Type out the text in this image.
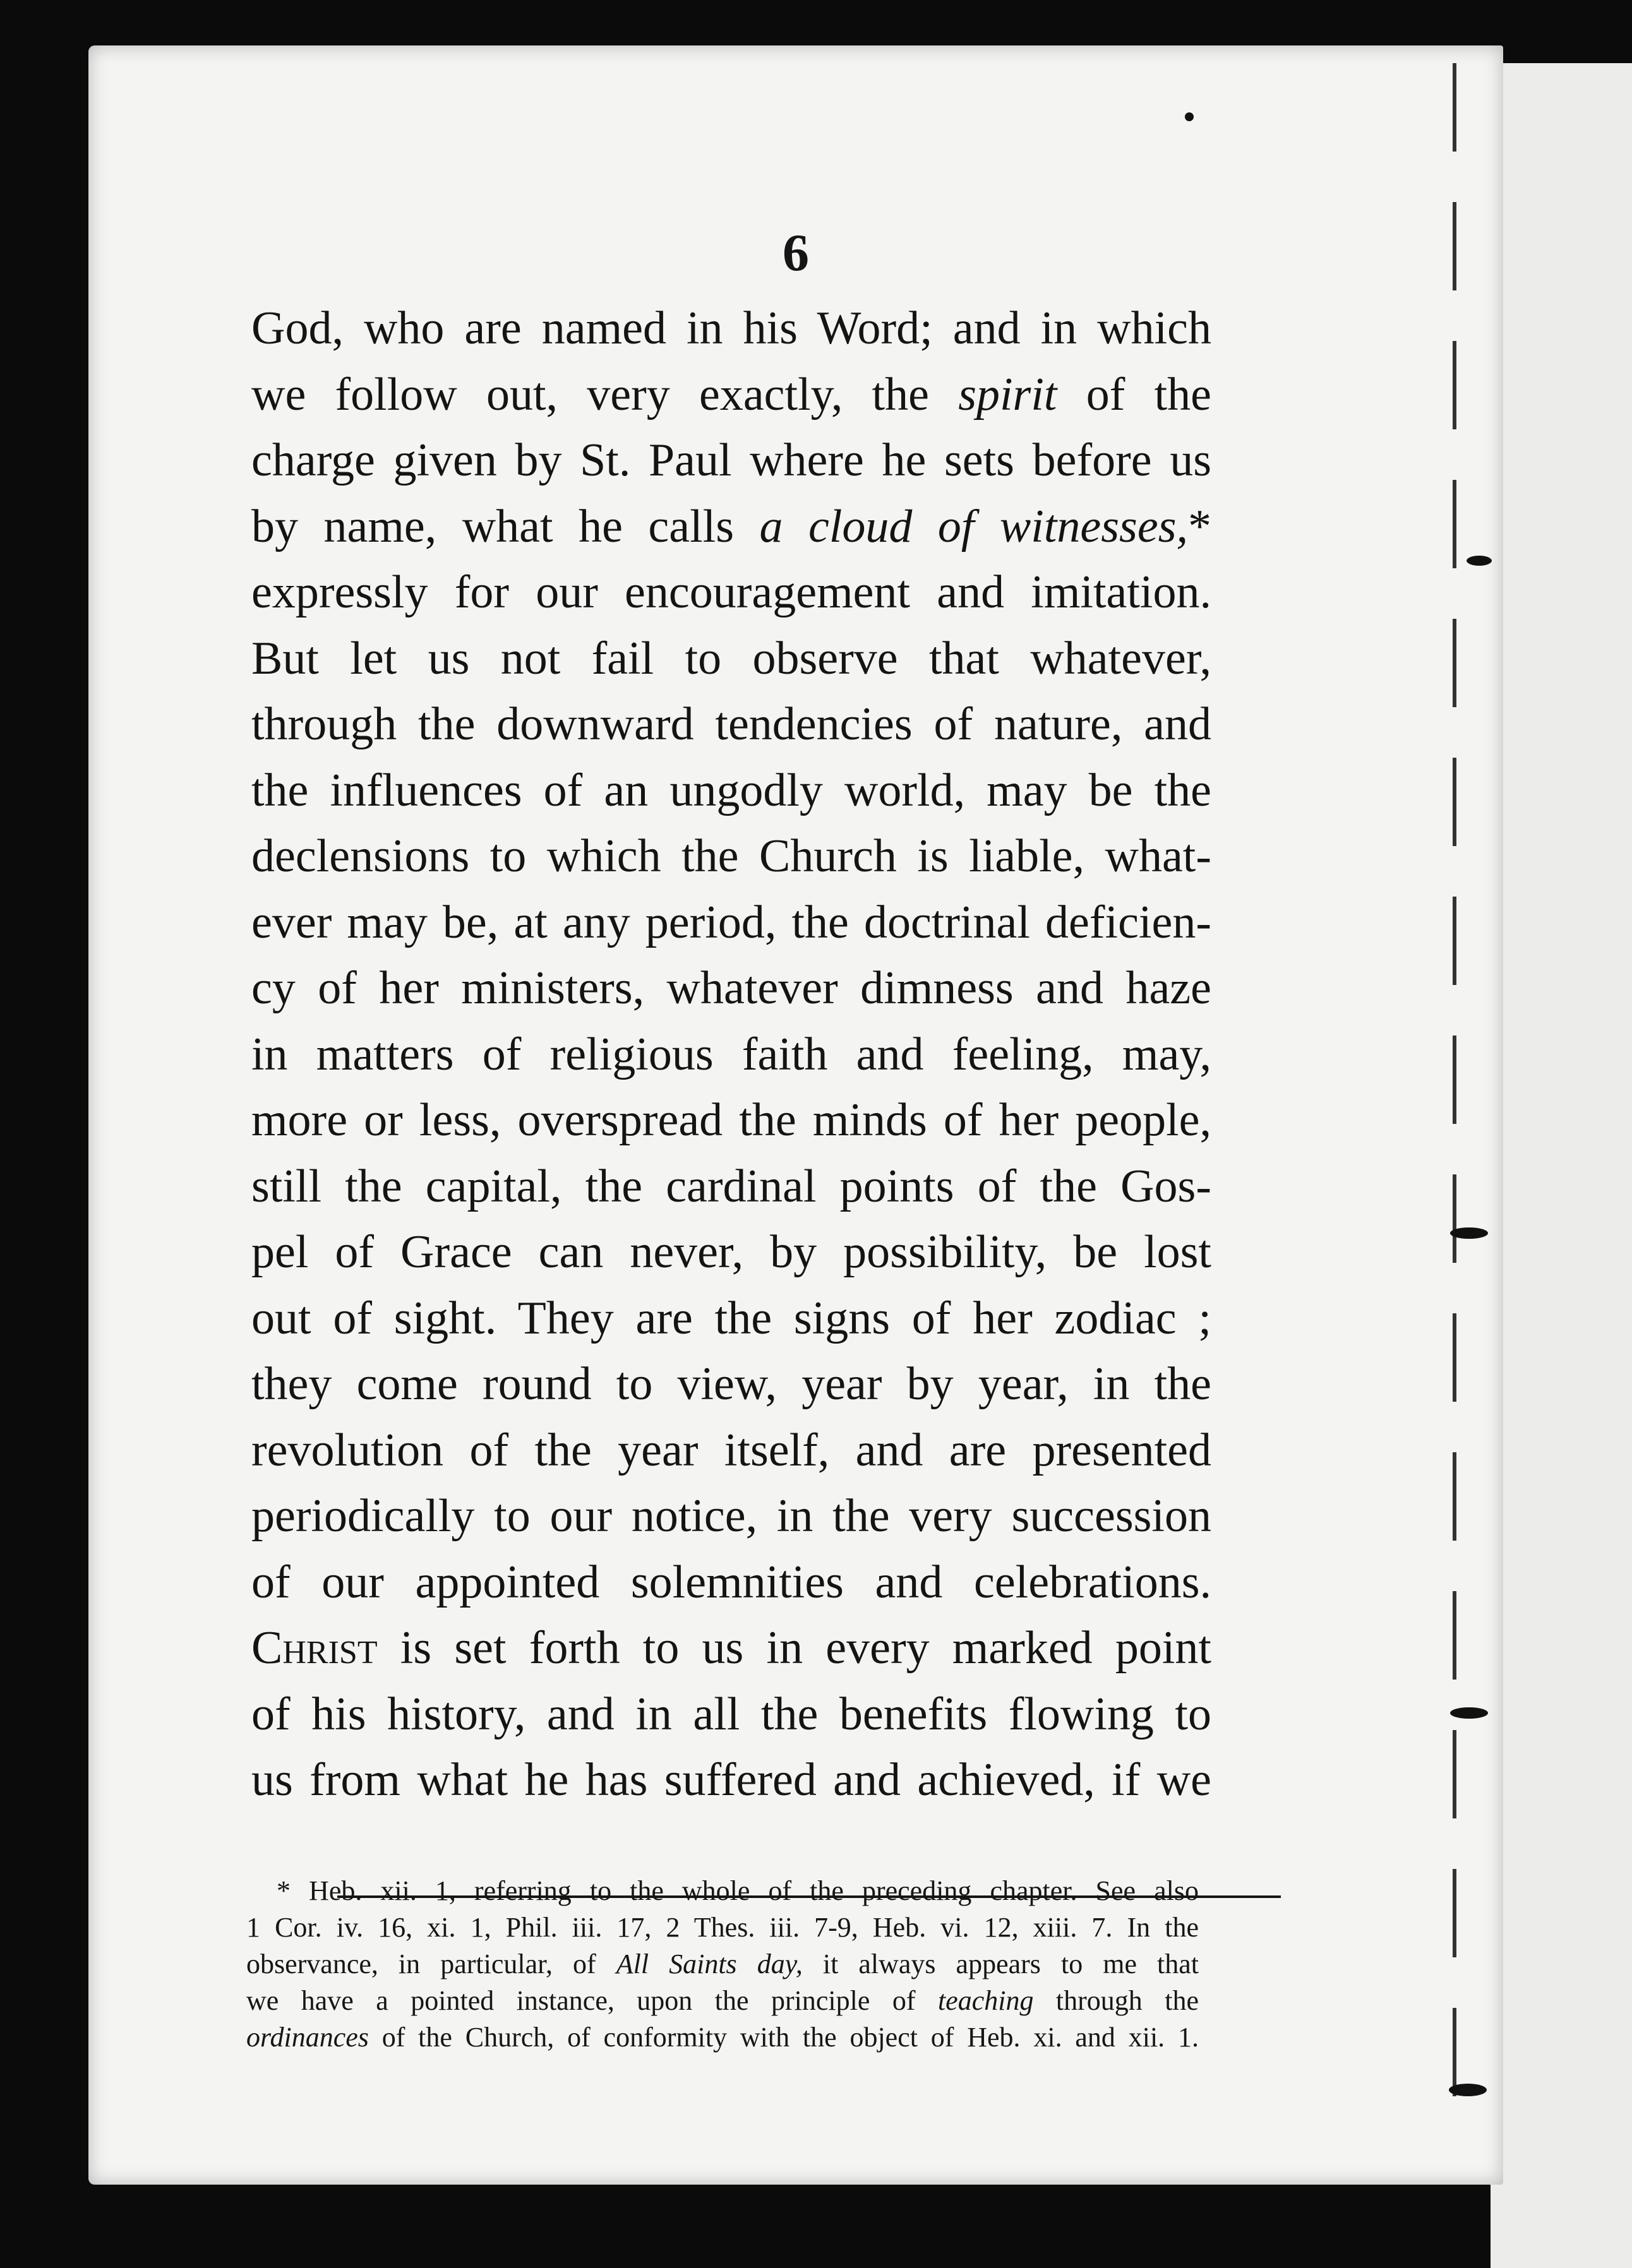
6

God, who are named in his Word; and in which
we follow out, very exactly, the spirit of the
charge given by St. Paul where he sets before us
by name, what he calls a cloud of witnesses,*
expressly for our encouragement and imitation.
But let us not fail to observe that whatever,
through the downward tendencies of nature, and
the influences of an ungodly world, may be the
declensions to which the Church is liable, what-
ever may be, at any period, the doctrinal deficien-
cy of her ministers, whatever dimness and haze
in matters of religious faith and feeling, may,
more or less, overspread the minds of her people,
still the capital, the cardinal points of the Gos-
pel of Grace can never, by possibility, be lost
out of sight. They are the signs of her zodiac ;
they come round to view, year by year, in the
revolution of the year itself, and are presented
periodically to our notice, in the very succession
of our appointed solemnities and celebrations.
Christ is set forth to us in every marked point
of his history, and in all the benefits flowing to
us from what he has suffered and achieved, if we

* Heb. xii. 1, referring to the whole of the preceding chapter. See also
1 Cor. iv. 16, xi. 1, Phil. iii. 17, 2 Thes. iii. 7-9, Heb. vi. 12, xiii. 7. In the
observance, in particular, of All Saints day, it always appears to me that
we have a pointed instance, upon the principle of teaching through the
ordinances of the Church, of conformity with the object of Heb. xi. and xii. 1.
